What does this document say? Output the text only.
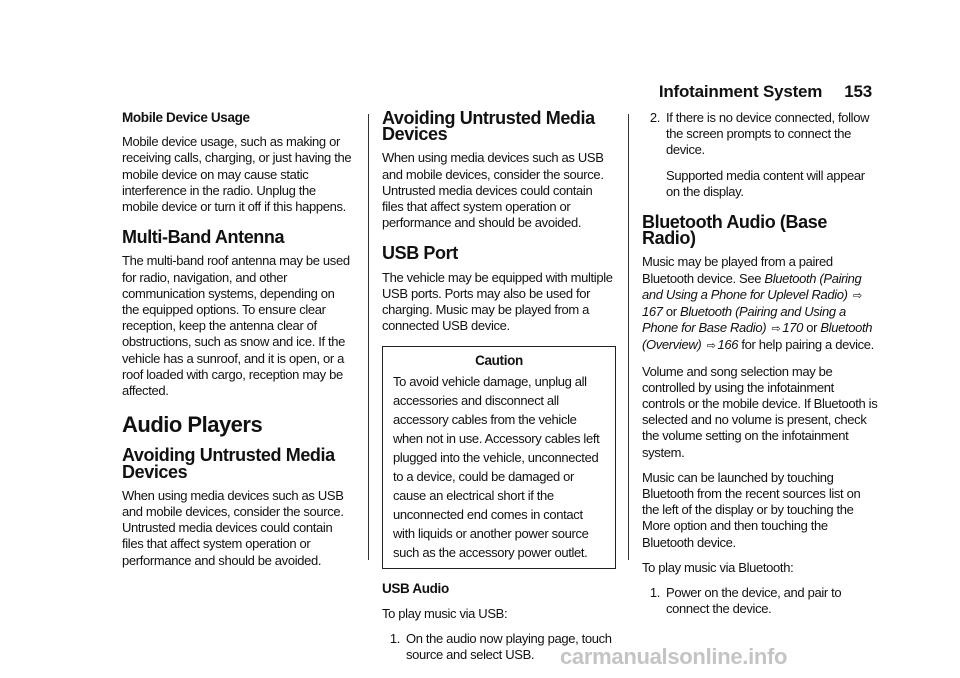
Infotainment System 153
Mobile Device Usage

Mobile device usage, such as making or receiving calls, charging, or just having the mobile device on may cause static interference in the radio. Unplug the mobile device or turn it off if this happens.

Multi-Band Antenna

The multi-band roof antenna may be used for radio, navigation, and other communication systems, depending on the equipped options. To ensure clear reception, keep the antenna clear of obstructions, such as snow and ice. If the vehicle has a sunroof, and it is open, or a roof loaded with cargo, reception may be affected.

Audio Players
Avoiding Untrusted Media Devices

When using media devices such as USB and mobile devices, consider the source. Untrusted media devices could contain files that affect system operation or performance and should be avoided.

Avoiding Untrusted Media Devices

When using media devices such as USB and mobile devices, consider the source. Untrusted media devices could contain files that affect system operation or performance and should be avoided.

USB Port

The vehicle may be equipped with multiple USB ports. Ports may also be used for charging. Music may be played from a connected USB device.

Caution
To avoid vehicle damage, unplug all accessories and disconnect all accessory cables from the vehicle when not in use. Accessory cables left plugged into the vehicle, unconnected to a device, could be damaged or cause an electrical short if the unconnected end comes in contact with liquids or another power source such as the accessory power outlet.
USB Audio

To play music via USB:

1. On the audio now playing page, touch source and select USB.
2. If there is no device connected, follow the screen prompts to connect the device.

Supported media content will appear on the display.

Bluetooth Audio (Base Radio)

Music may be played from a paired Bluetooth device. See Bluetooth (Pairing and Using a Phone for Uplevel Radio) ⇨167 or Bluetooth (Pairing and Using a Phone for Base Radio) ⇨ 170 or Bluetooth (Overview) ⇨ 166 for help pairing a device.

Volume and song selection may be controlled by using the infotainment controls or the mobile device. If Bluetooth is selected and no volume is present, check the volume setting on the infotainment system.

Music can be launched by touching Bluetooth from the recent sources list on the left of the display or by touching the More option and then touching the Bluetooth device.

To play music via Bluetooth:

1. Power on the device, and pair to connect the device.
carmanualsonline.info
